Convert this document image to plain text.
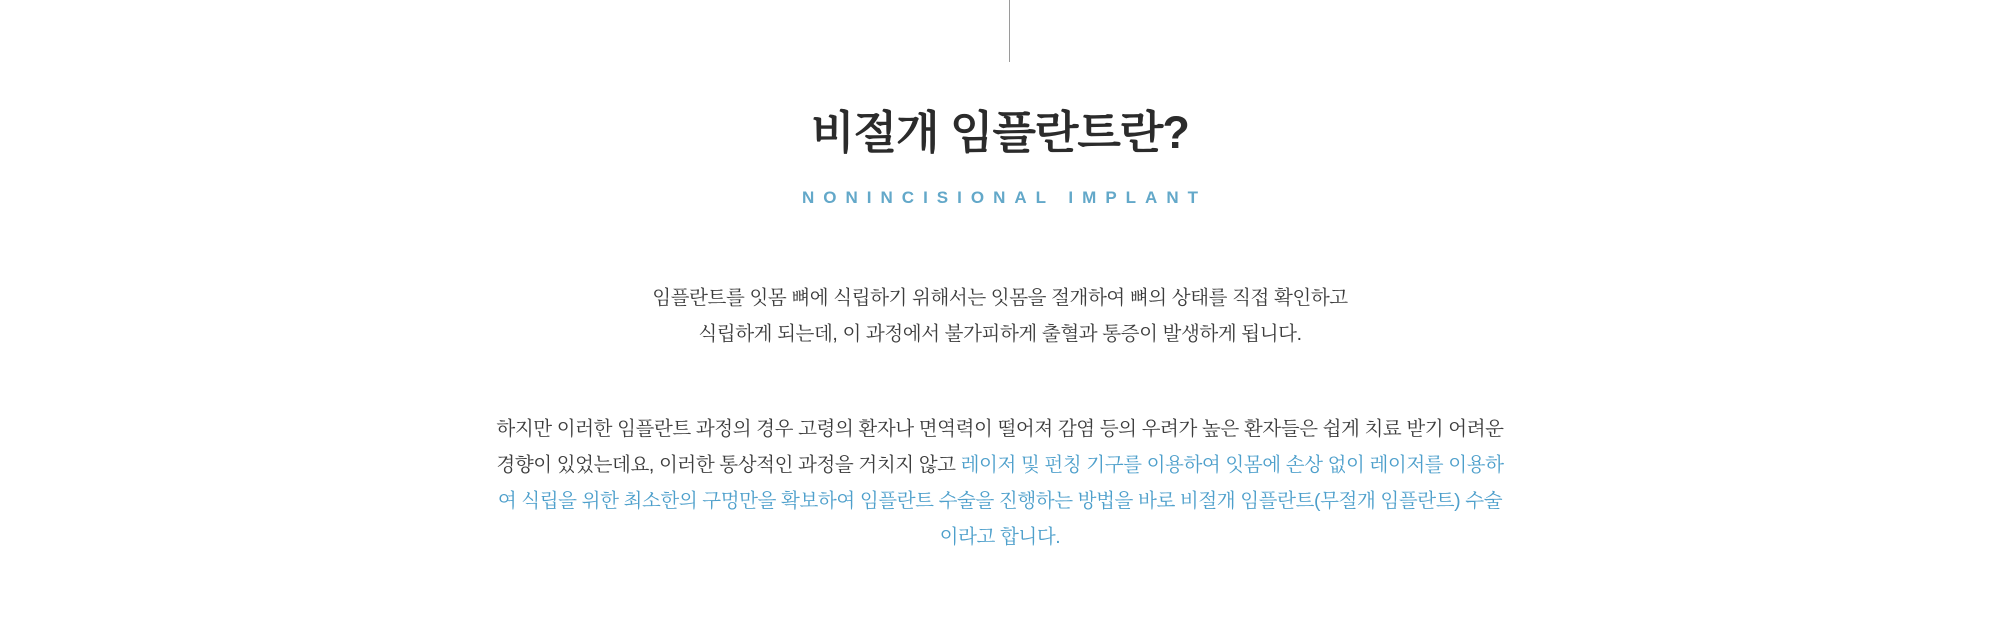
비절개 임플란트란?
NONINCISIONAL IMPLANT

임플란트를 잇몸 뼈에 식립하기 위해서는 잇몸을 절개하여 뼈의 상태를 직접 확인하고
식립하게 되는데, 이 과정에서 불가피하게 출혈과 통증이 발생하게 됩니다.

하지만 이러한 임플란트 과정의 경우 고령의 환자나 면역력이 떨어져 감염 등의 우려가 높은 환자들은 쉽게 치료 받기 어려운 경향이 있었는데요, 이러한 통상적인 과정을 거치지 않고 레이저 및 펀칭 기구를 이용하여 잇몸에 손상 없이 레이저를 이용하여 식립을 위한 최소한의 구멍만을 확보하여 임플란트 수술을 진행하는 방법을 바로 비절개 임플란트(무절개 임플란트) 수술이라고 합니다.
